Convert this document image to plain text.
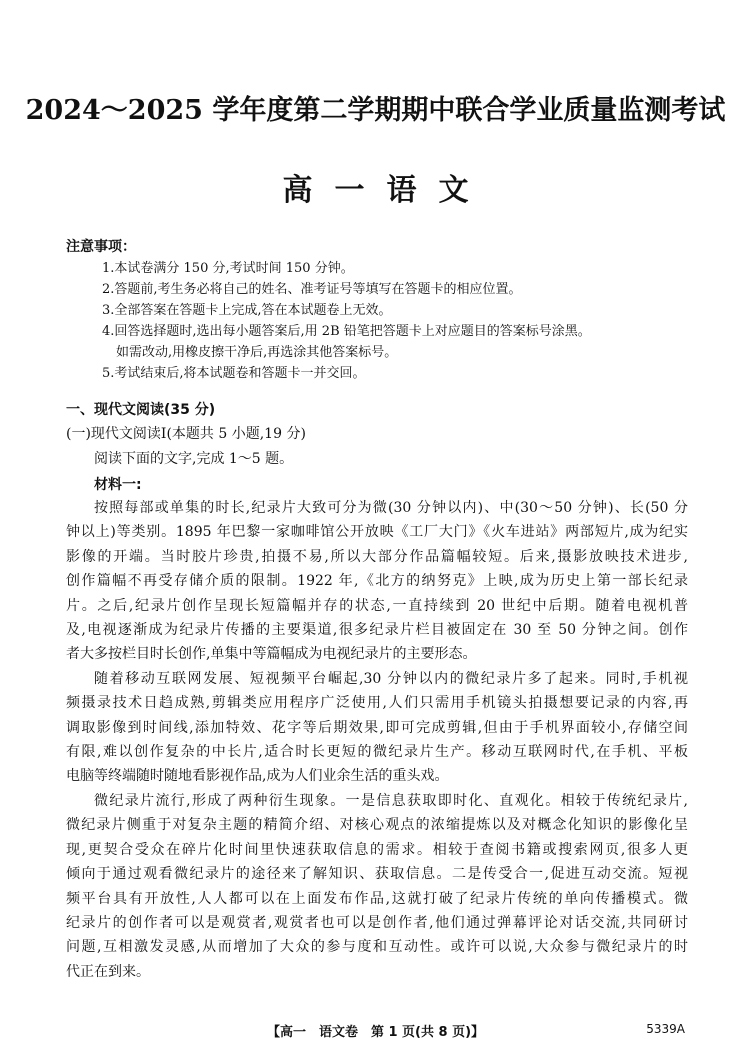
2024～2025 学年度第二学期期中联合学业质量监测考试
高一语文
注意事项：
1.本试卷满分 150 分,考试时间 150 分钟。
2.答题前,考生务必将自己的姓名、准考证号等填写在答题卡的相应位置。
3.全部答案在答题卡上完成,答在本试题卷上无效。
4.回答选择题时,选出每小题答案后,用 2B 铅笔把答题卡上对应题目的答案标号涂黑。
如需改动,用橡皮擦干净后,再选涂其他答案标号。
5.考试结束后,将本试题卷和答题卡一并交回。
一、现代文阅读(35 分)
(一)现代文阅读Ⅰ(本题共 5 小题,19 分)
阅读下面的文字,完成 1～5 题。
材料一:
按照每部或单集的时长,纪录片大致可分为微(30 分钟以内)、中(30～50 分钟)、长(50 分
钟以上)等类别。1895 年巴黎一家咖啡馆公开放映《工厂大门》《火车进站》两部短片,成为纪实
影像的开端。当时胶片珍贵,拍摄不易,所以大部分作品篇幅较短。后来,摄影放映技术进步,
创作篇幅不再受存储介质的限制。1922 年,《北方的纳努克》上映,成为历史上第一部长纪录
片。之后,纪录片创作呈现长短篇幅并存的状态,一直持续到 20 世纪中后期。随着电视机普
及,电视逐渐成为纪录片传播的主要渠道,很多纪录片栏目被固定在 30 至 50 分钟之间。创作
者大多按栏目时长创作,单集中等篇幅成为电视纪录片的主要形态。
随着移动互联网发展、短视频平台崛起,30 分钟以内的微纪录片多了起来。同时,手机视
频摄录技术日趋成熟,剪辑类应用程序广泛使用,人们只需用手机镜头拍摄想要记录的内容,再
调取影像到时间线,添加特效、花字等后期效果,即可完成剪辑,但由于手机界面较小,存储空间
有限,难以创作复杂的中长片,适合时长更短的微纪录片生产。移动互联网时代,在手机、平板
电脑等终端随时随地看影视作品,成为人们业余生活的重头戏。
微纪录片流行,形成了两种衍生现象。一是信息获取即时化、直观化。相较于传统纪录片,
微纪录片侧重于对复杂主题的精简介绍、对核心观点的浓缩提炼以及对概念化知识的影像化呈
现,更契合受众在碎片化时间里快速获取信息的需求。相较于查阅书籍或搜索网页,很多人更
倾向于通过观看微纪录片的途径来了解知识、获取信息。二是传受合一,促进互动交流。短视
频平台具有开放性,人人都可以在上面发布作品,这就打破了纪录片传统的单向传播模式。微
纪录片的创作者可以是观赏者,观赏者也可以是创作者,他们通过弹幕评论对话交流,共同研讨
问题,互相激发灵感,从而增加了大众的参与度和互动性。或许可以说,大众参与微纪录片的时
代正在到来。
【高一　语文卷　第 1 页(共 8 页)】	5339A
